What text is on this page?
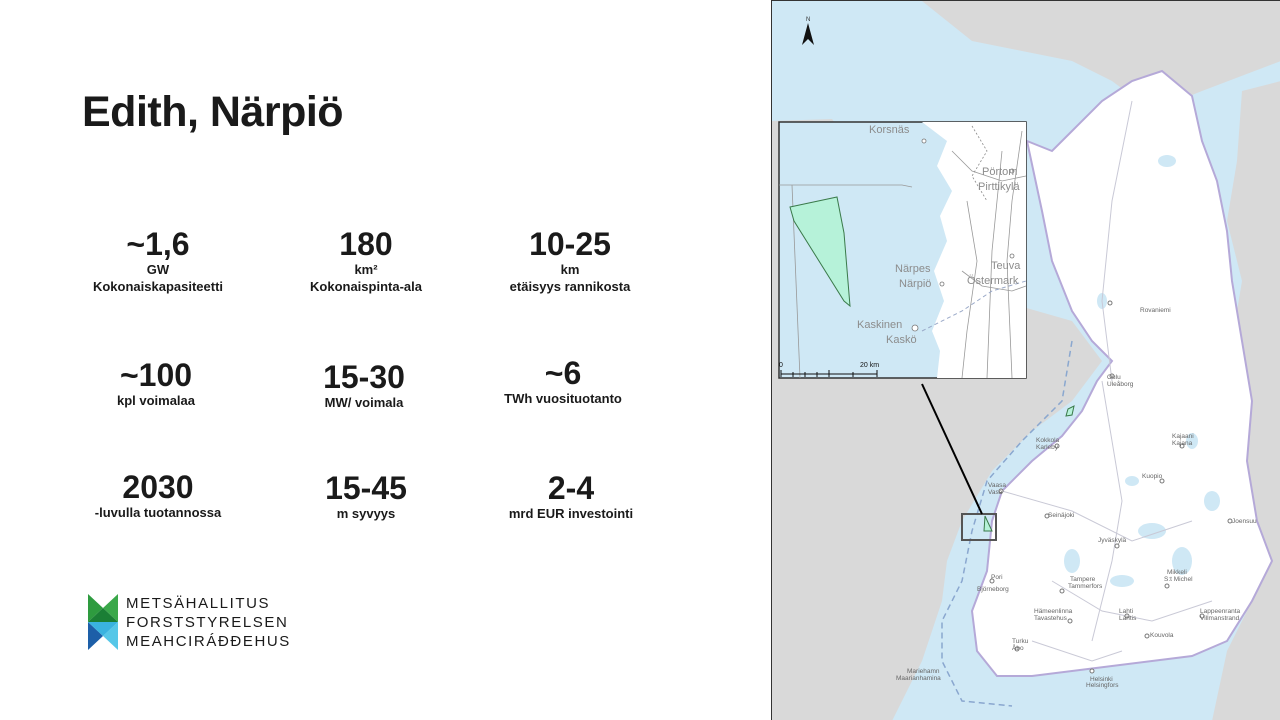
Edith, Närpiö
~1,6
GW
Kokonaiskapasiteetti
180
km²
Kokonaispinta-ala
10-25
km
etäisyys rannikosta
~100
kpl voimalaa
15-30
MW/ voimala
~6
TWh vuosituotanto
2030
-luvulla tuotannossa
15-45
m syvyys
2-4
mrd EUR investointi
METSÄHALLITUS
FORSTSTYRELSEN
MEAHCIRÁĐĐEHUS
Rovaniemi
Oulu
Uleåborg
Kokkola
Karleby
Kajaani
Kajana
Vaasa
Vasa
Seinäjoki
Kuopio
Joensuu
Jyväskylä
Pori
Björneborg
Tampere
Tammerfors
Mikkeli
S:t Michel
Hämeenlinna
Tavastehus
Lahti
Lahtis
Lappeenranta
Villmanstrand
Kouvola
Turku
Åbo
Helsinki
Helsingfors
Mariehamn
Maarianhamina
N
Korsnäs
Pörtom
Pirttikylä
Närpes
Närpiö
Teuva
Östermark
Kaskinen
Kaskö
0	20 km
